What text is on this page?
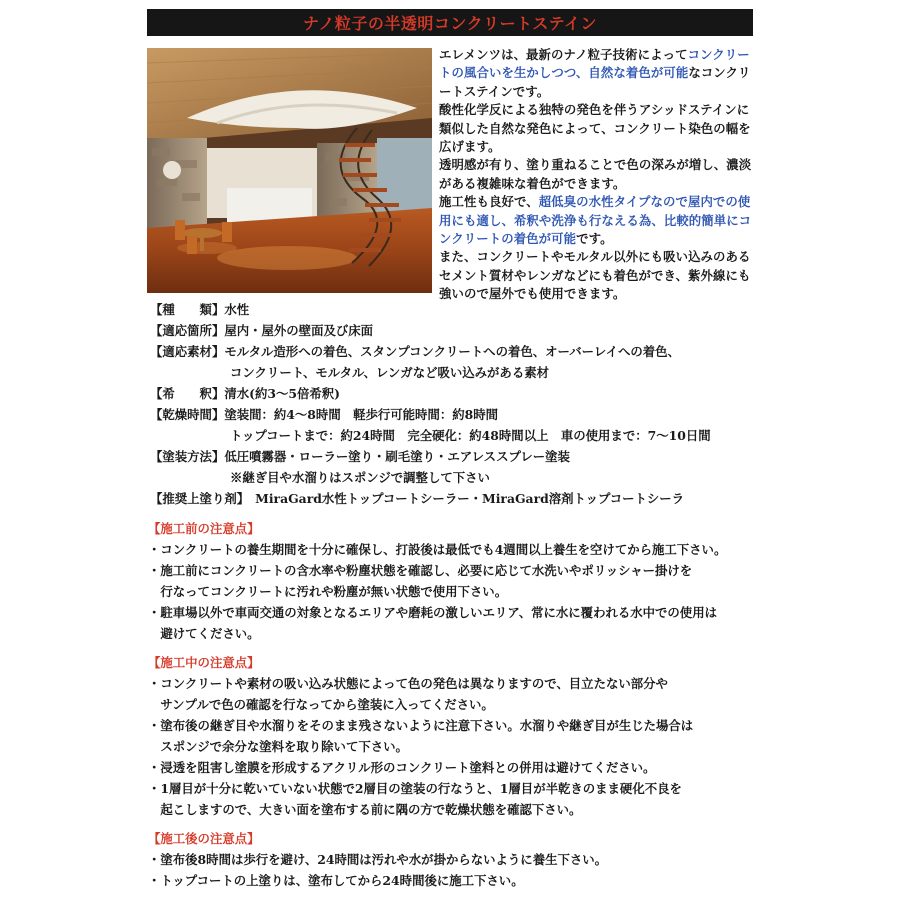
ナノ粒子の半透明コンクリートステイン

エレメンツは、最新のナノ粒子技術によってコンクリートの風合いを生かしつつ、自然な着色が可能なコンクリートステインです。

酸性化学反による独特の発色を伴うアシッドステインに類似した自然な発色によって、コンクリート染色の幅を広げます。

透明感が有り、塗り重ねることで色の深みが増し、濃淡がある複雑味な着色ができます。

施工性も良好で、超低臭の水性タイプなので屋内での使用にも適し、希釈や洗浄も行なえる為、比較的簡単にコンクリートの着色が可能です。

また、コンクリートやモルタル以外にも吸い込みのあるセメント質材やレンガなどにも着色ができ、紫外線にも強いので屋外でも使用できます。

【種　　類】 水性
【適応箇所】 屋内・屋外の壁面及び床面
【適応素材】 モルタル造形への着色、スタンプコンクリートへの着色、オーバーレイへの着色、
コンクリート、モルタル、レンガなど吸い込みがある素材
【希　　釈】 清水(約3～5倍希釈)
【乾燥時間】 塗装間：約4～8時間　軽歩行可能時間：約8時間
トップコートまで：約24時間　完全硬化：約48時間以上　車の使用まで：7～10日間
【塗装方法】 低圧噴霧器・ローラー塗り・刷毛塗り・エアレススプレー塗装
※継ぎ目や水溜りはスポンジで調整して下さい
【推奨上塗り剤】 MiraGard水性トップコートシーラー・MiraGard溶剤トップコートシーラ

【施工前の注意点】

・コンクリートの養生期間を十分に確保し、打設後は最低でも4週間以上養生を空けてから施工下さい。

・施工前にコンクリートの含水率や粉塵状態を確認し、必要に応じて水洗いやポリッシャー掛けを

　行なってコンクリートに汚れや粉塵が無い状態で使用下さい。

・駐車場以外で車両交通の対象となるエリアや磨耗の激しいエリア、常に水に覆われる水中での使用は

　避けてください。

【施工中の注意点】

・コンクリートや素材の吸い込み状態によって色の発色は異なりますので、目立たない部分や

　サンプルで色の確認を行なってから塗装に入ってください。

・塗布後の継ぎ目や水溜りをそのまま残さないように注意下さい。水溜りや継ぎ目が生じた場合は

　スポンジで余分な塗料を取り除いて下さい。

・浸透を阻害し塗膜を形成するアクリル形のコンクリート塗料との併用は避けてください。

・1層目が十分に乾いていない状態で2層目の塗装の行なうと、1層目が半乾きのまま硬化不良を

　起こしますので、大きい面を塗布する前に隅の方で乾燥状態を確認下さい。

【施工後の注意点】

・塗布後8時間は歩行を避け、24時間は汚れや水が掛からないように養生下さい。

・トップコートの上塗りは、塗布してから24時間後に施工下さい。
